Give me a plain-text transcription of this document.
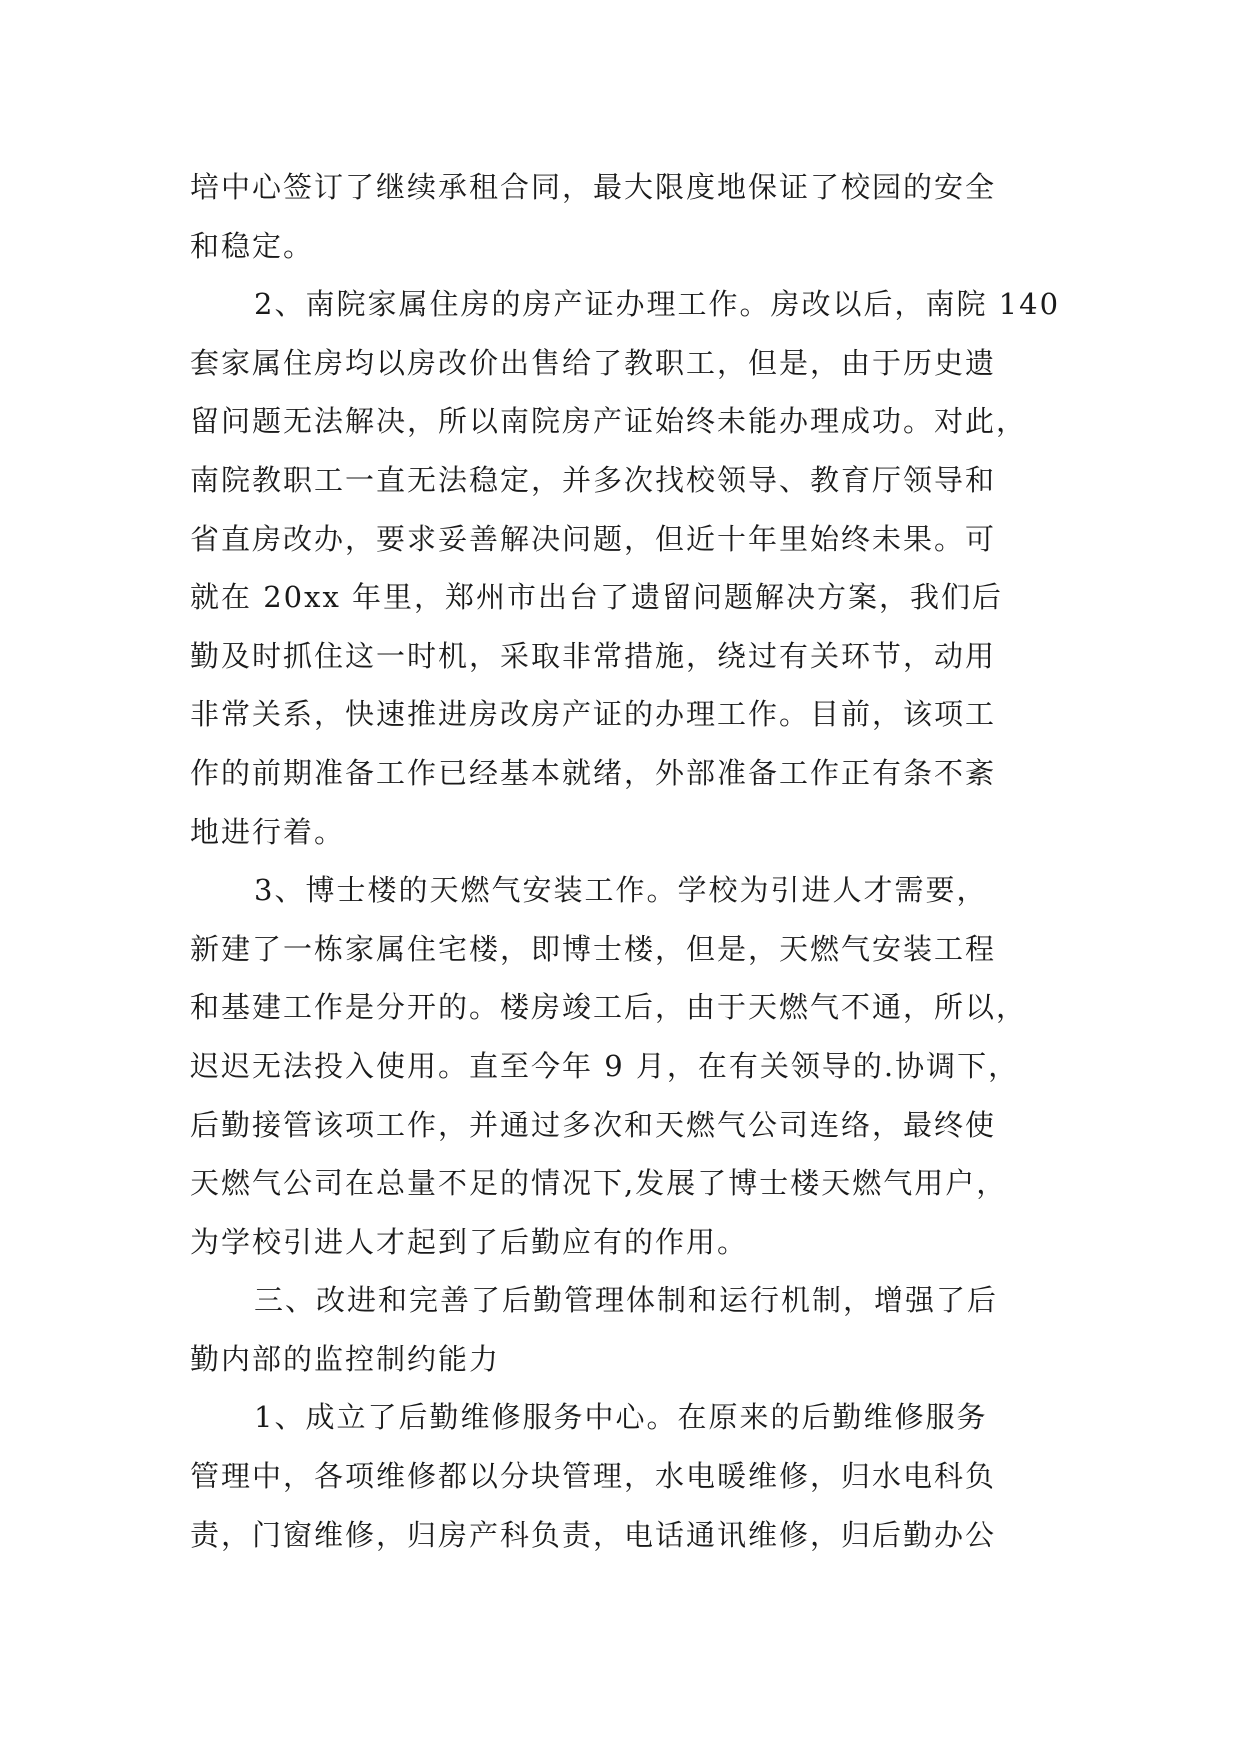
培中心签订了继续承租合同，最大限度地保证了校园的安全
和稳定。
2、南院家属住房的房产证办理工作。房改以后，南院 140
套家属住房均以房改价出售给了教职工，但是，由于历史遗
留问题无法解决，所以南院房产证始终未能办理成功。对此，
南院教职工一直无法稳定，并多次找校领导、教育厅领导和
省直房改办，要求妥善解决问题，但近十年里始终未果。可
就在 20xx 年里，郑州市出台了遗留问题解决方案，我们后
勤及时抓住这一时机，采取非常措施，绕过有关环节，动用
非常关系，快速推进房改房产证的办理工作。目前，该项工
作的前期准备工作已经基本就绪，外部准备工作正有条不紊
地进行着。
3、博士楼的天燃气安装工作。学校为引进人才需要，
新建了一栋家属住宅楼，即博士楼，但是，天燃气安装工程
和基建工作是分开的。楼房竣工后，由于天燃气不通，所以，
迟迟无法投入使用。直至今年 9 月，在有关领导的.协调下，
后勤接管该项工作，并通过多次和天燃气公司连络，最终使
天燃气公司在总量不足的情况下,发展了博士楼天燃气用户，
为学校引进人才起到了后勤应有的作用。
三、改进和完善了后勤管理体制和运行机制，增强了后
勤内部的监控制约能力
1、成立了后勤维修服务中心。在原来的后勤维修服务
管理中，各项维修都以分块管理，水电暖维修，归水电科负
责，门窗维修，归房产科负责，电话通讯维修，归后勤办公
